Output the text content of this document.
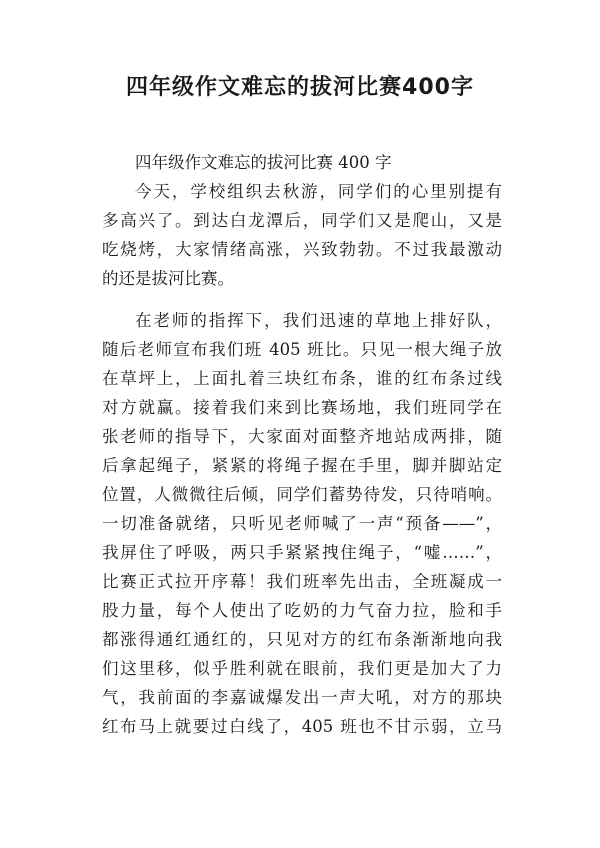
四年级作文难忘的拔河比赛400字
四年级作文难忘的拔河比赛 400 字
今天，学校组织去秋游，同学们的心里别提有
多高兴了。到达白龙潭后，同学们又是爬山，又是
吃烧烤，大家情绪高涨，兴致勃勃。不过我最激动
的还是拔河比赛。
在老师的指挥下，我们迅速的草地上排好队，
随后老师宣布我们班 405 班比。只见一根大绳子放
在草坪上，上面扎着三块红布条，谁的红布条过线
对方就赢。接着我们来到比赛场地，我们班同学在
张老师的指导下，大家面对面整齐地站成两排，随
后拿起绳子，紧紧的将绳子握在手里，脚并脚站定
位置，人微微往后倾，同学们蓄势待发，只待哨响。
一切准备就绪，只听见老师喊了一声“预备——”，
我屏住了呼吸，两只手紧紧拽住绳子，“嘘……”，
比赛正式拉开序幕！我们班率先出击，全班凝成一
股力量，每个人使出了吃奶的力气奋力拉，脸和手
都涨得通红通红的，只见对方的红布条渐渐地向我
们这里移，似乎胜利就在眼前，我们更是加大了力
气，我前面的李嘉诚爆发出一声大吼，对方的那块
红布马上就要过白线了，405 班也不甘示弱，立马
